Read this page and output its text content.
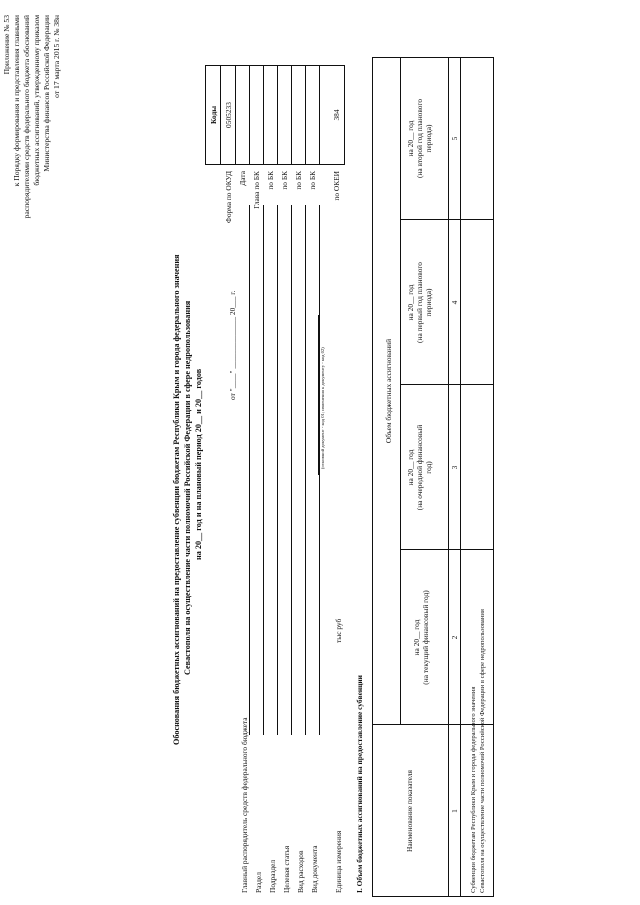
Приложение № 53 к Порядку формирования и представления главными распорядителями средств федерального бюджета обоснований бюджетных ассигнований, утвержденному приказом Министерства финансов Российской Федерации от 17 марта 2015 г. № 38н
Обоснования бюджетных ассигнований на предоставление субвенции бюджетам Республики Крым и города федерального значения Севастополя на осуществление части полномочий Российской Федерации в сфере недропользования на 20__ год и на плановый период 20__ и 20__ годов
от "____" ______________ 20___ г.
(основной документ - код 01; изменения к документу - код 02)
Коды
Форма по ОКУД
0505233
Дата Глава по БК по БК по БК по БК по БК по ОКЕИ
384
Главный распорядитель средств федерального бюджета Раздел Подраздел Целевая статья Вид расходов Вид документа Единица измерения
тыс руб
I. Объем бюджетных ассигнований на предоставление субвенции	Наименование показателя
Объем бюджетных ассигнований
на 20__ год (на текущий финансовый год)
на 20__ год (на очередной финансовый год)
на 20__ год (на первый год планового периода)
на 20__ год (на второй год планового периода)
1
2
3
4
5
Субвенции бюджетам Республики Крым и города федерального значения Севастополя на осуществление части полномочий Российской Федерации в сфере недропользования
